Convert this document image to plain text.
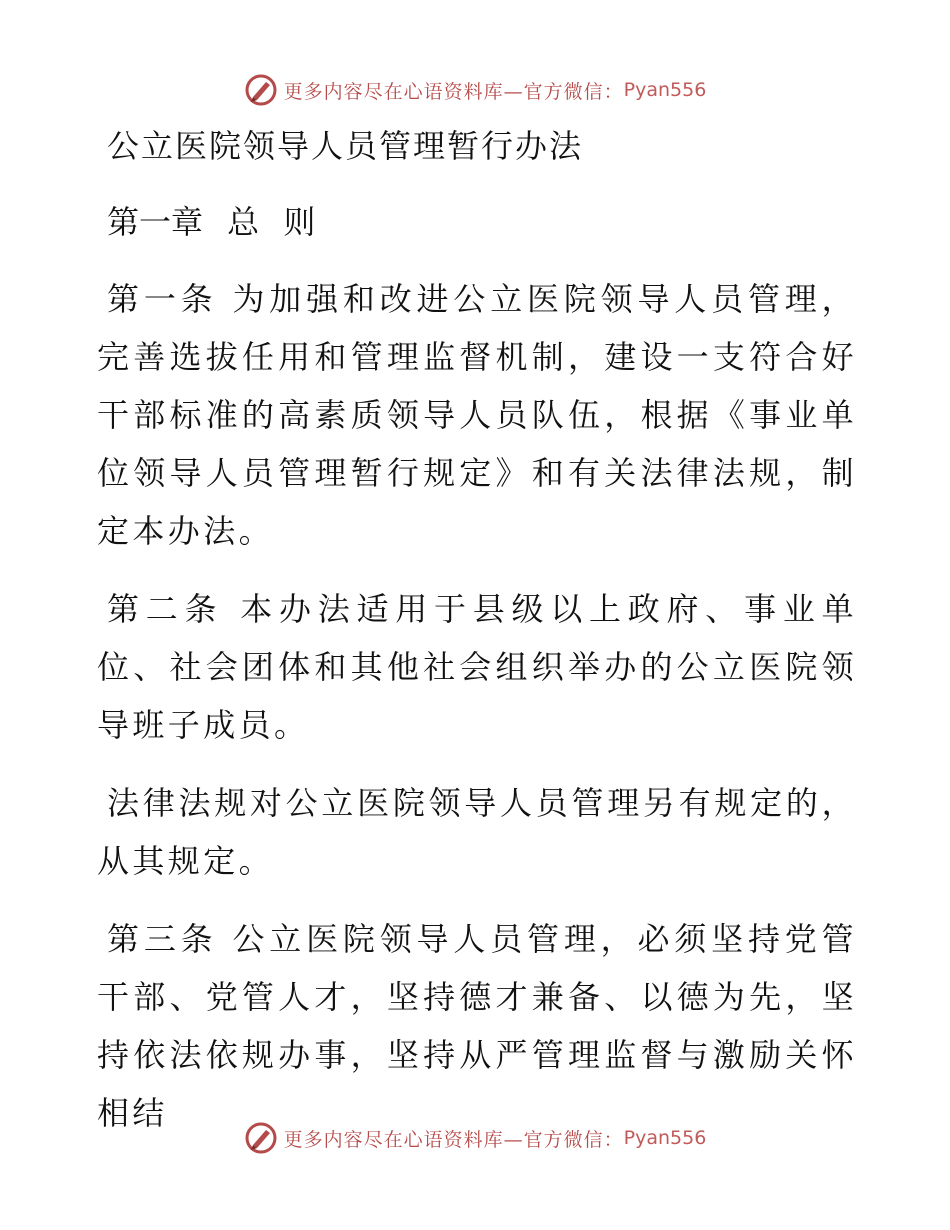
更多内容尽在心语资料库—官方微信： Pyan556
公立医院领导人员管理暂行办法
第一章 总 则

第一条 为加强和改进公立医院领导人员管理，完善选拔任用和管理监督机制，建设一支符合好干部标准的高素质领导人员队伍，根据《事业单位领导人员管理暂行规定》和有关法律法规，制定本办法。

第二条 本办法适用于县级以上政府、事业单位、社会团体和其他社会组织举办的公立医院领导班子成员。

法律法规对公立医院领导人员管理另有规定的，从其规定。

第三条 公立医院领导人员管理，必须坚持党管干部、党管人才，坚持德才兼备、以德为先，坚持依法依规办事，坚持从严管理监督与激励关怀相结

更多内容尽在心语资料库—官方微信： Pyan556
